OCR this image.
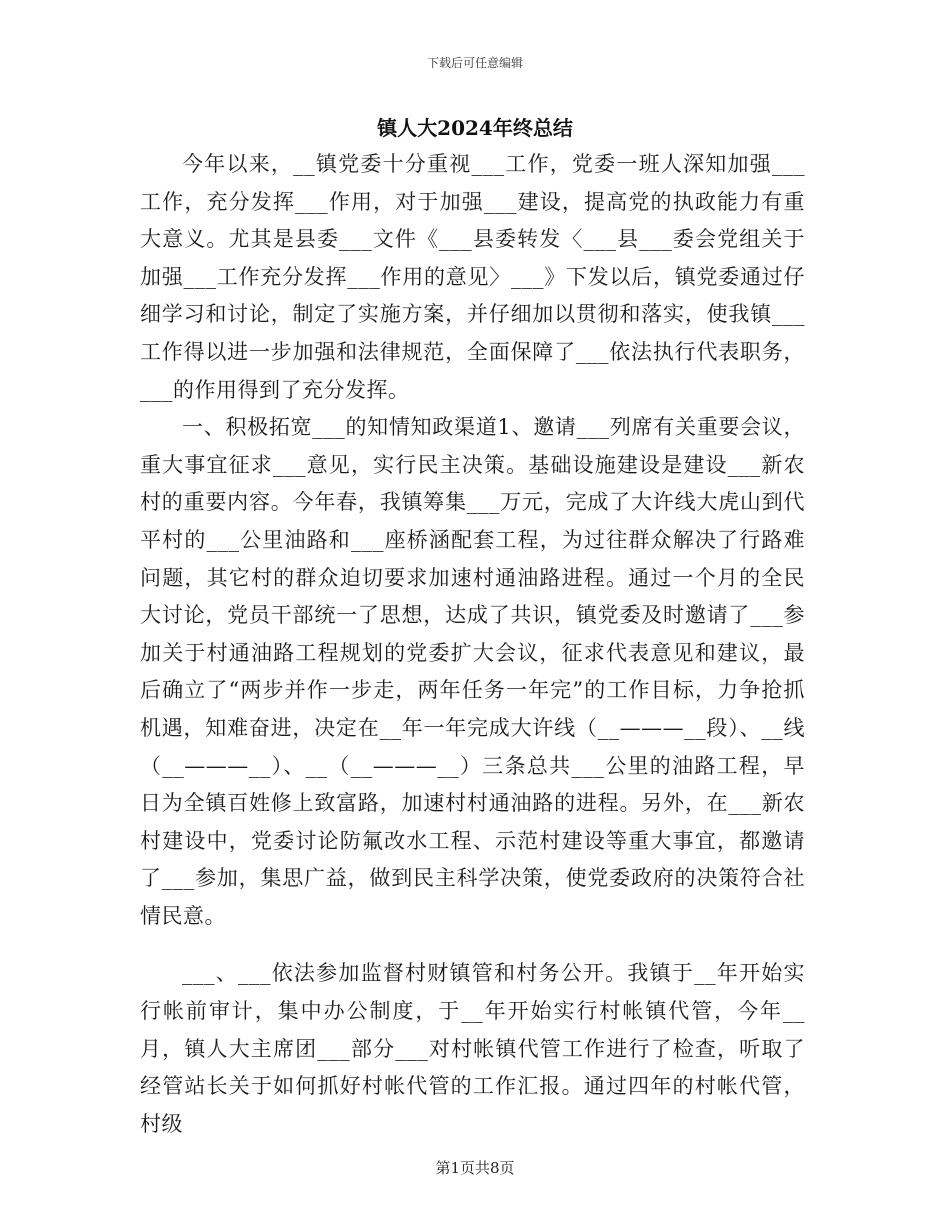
下载后可任意编辑
镇人大2024年终总结

今年以来，__镇党委十分重视___工作，党委一班人深知加强___工作，充分发挥___作用，对于加强___建设，提高党的执政能力有重大意义。尤其是县委___文件《___县委转发〈___县___委会党组关于加强___工作充分发挥___作用的意见〉___》下发以后，镇党委通过仔细学习和讨论，制定了实施方案，并仔细加以贯彻和落实，使我镇___工作得以进一步加强和法律规范，全面保障了___依法执行代表职务，___的作用得到了充分发挥。

一、积极拓宽___的知情知政渠道1、邀请___列席有关重要会议，重大事宜征求___意见，实行民主决策。基础设施建设是建设___新农村的重要内容。今年春，我镇筹集___万元，完成了大许线大虎山到代平村的___公里油路和___座桥涵配套工程，为过往群众解决了行路难问题，其它村的群众迫切要求加速村通油路进程。通过一个月的全民大讨论，党员干部统一了思想，达成了共识，镇党委及时邀请了___参加关于村通油路工程规划的党委扩大会议，征求代表意见和建议，最后确立了“两步并作一步走，两年任务一年完”的工作目标，力争抢抓机遇，知难奋进，决定在__年一年完成大许线（__———__段）、__线（__———__）、__（__———__）三条总共___公里的油路工程，早日为全镇百姓修上致富路，加速村村通油路的进程。另外，在___新农村建设中，党委讨论防氟改水工程、示范村建设等重大事宜，都邀请了___参加，集思广益，做到民主科学决策，使党委政府的决策符合社情民意。

___、___依法参加监督村财镇管和村务公开。我镇于__年开始实行帐前审计，集中办公制度，于__年开始实行村帐镇代管，今年__月，镇人大主席团___部分___对村帐镇代管工作进行了检查，听取了经管站长关于如何抓好村帐代管的工作汇报。通过四年的村帐代管，村级

第1页共8页
